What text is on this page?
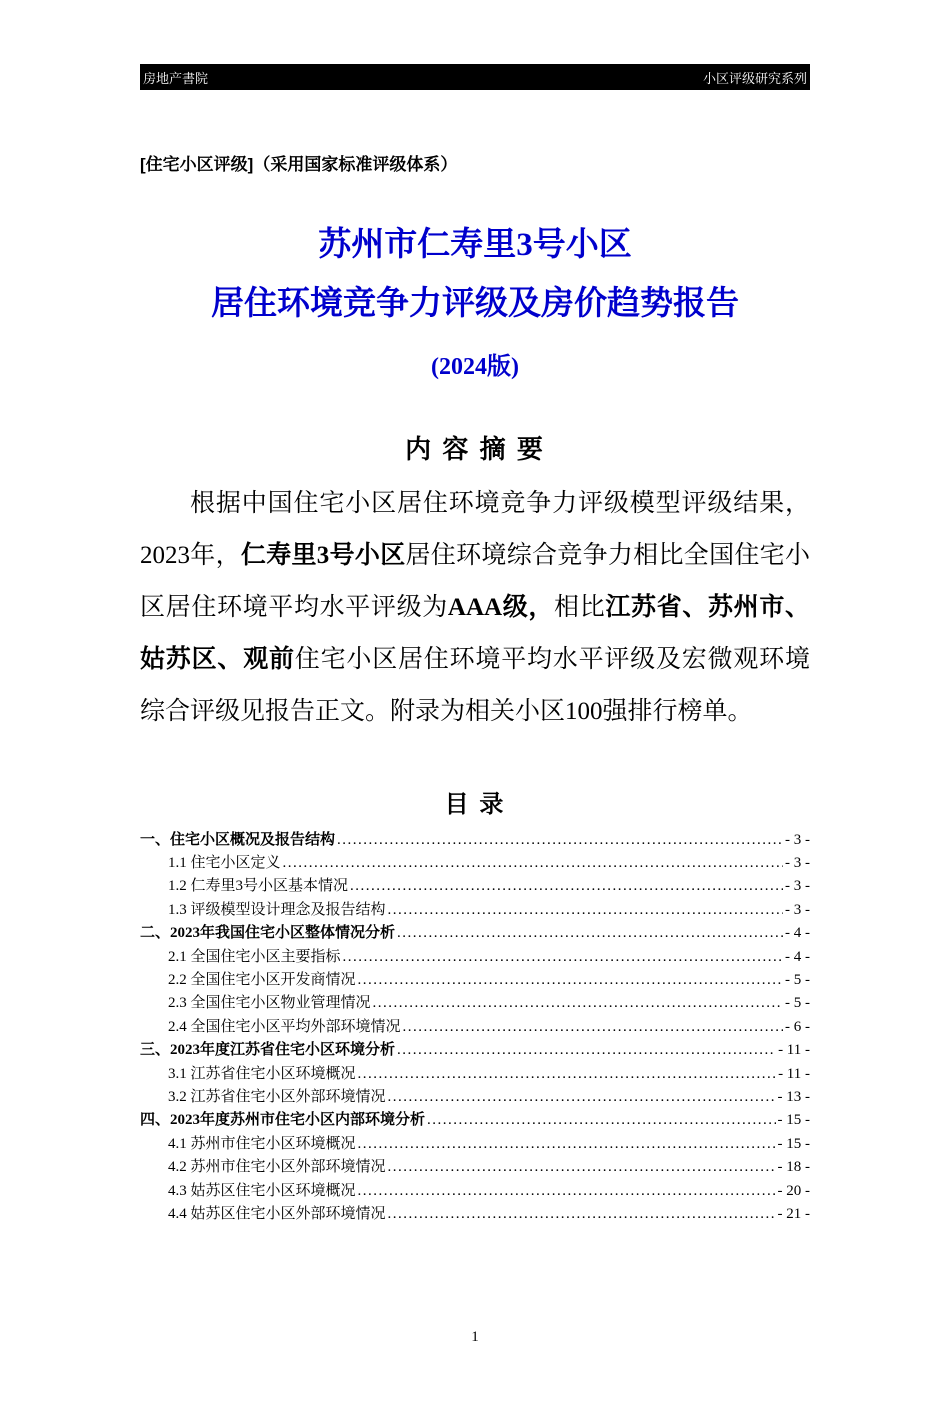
房地产書院	小区评级研究系列
[住宅小区评级]（采用国家标准评级体系）
苏州市仁寿里3号小区
居住环境竞争力评级及房价趋势报告
(2024版)
内 容 摘 要

根据中国住宅小区居住环境竞争力评级模型评级结果，2023年，仁寿里3号小区居住环境综合竞争力相比全国住宅小区居住环境平均水平评级为AAA级，相比江苏省、苏州市、姑苏区、观前住宅小区居住环境平均水平评级及宏微观环境综合评级见报告正文。附录为相关小区100强排行榜单。

目 录
一、住宅小区概况及报告结构 .....	- 3 -
1.1 住宅小区定义 .....	- 3 -
1.2 仁寿里3号小区基本情况 .....	- 3 -
1.3 评级模型设计理念及报告结构 .....	- 3 -
二、2023年我国住宅小区整体情况分析 .....	- 4 -
2.1 全国住宅小区主要指标 .....	- 4 -
2.2 全国住宅小区开发商情况 .....	- 5 -
2.3 全国住宅小区物业管理情况 .....	- 5 -
2.4 全国住宅小区平均外部环境情况 .....	- 6 -
三、2023年度江苏省住宅小区环境分析 .....	- 11 -
3.1 江苏省住宅小区环境概况 .....	- 11 -
3.2 江苏省住宅小区外部环境情况 .....	- 13 -
四、2023年度苏州市住宅小区内部环境分析 .....	- 15 -
4.1 苏州市住宅小区环境概况 .....	- 15 -
4.2 苏州市住宅小区外部环境情况 .....	- 18 -
4.3 姑苏区住宅小区环境概况 .....	- 20 -
4.4 姑苏区住宅小区外部环境情况 .....	- 21 -
1
